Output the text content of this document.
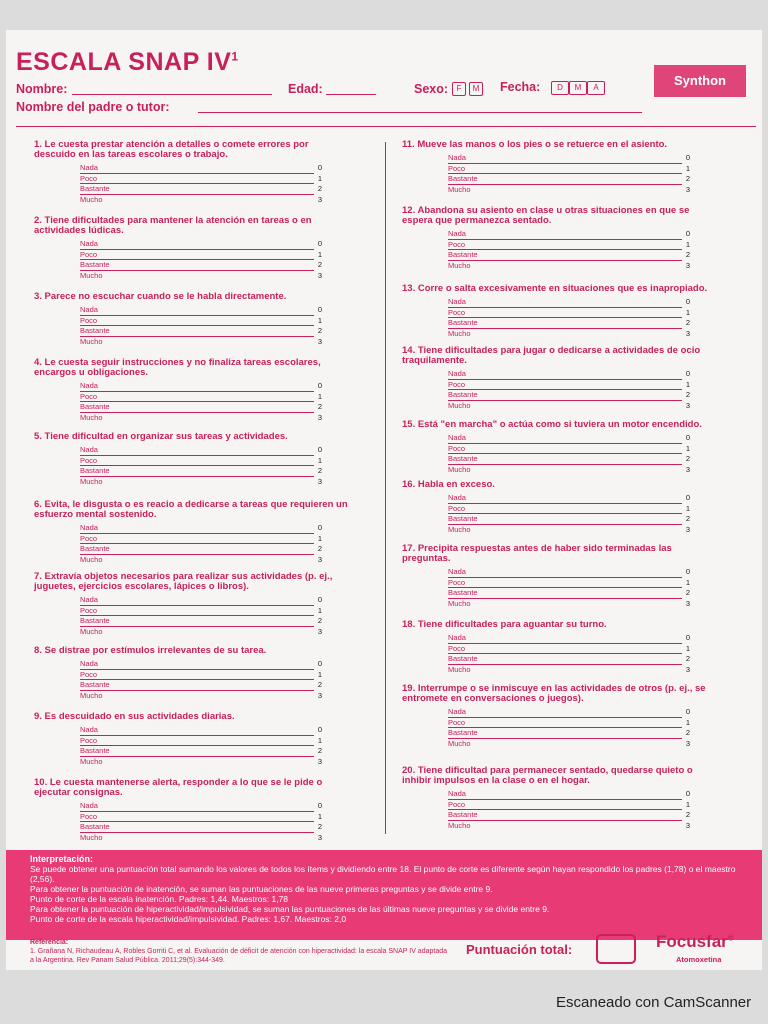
ESCALA SNAP $IV^1$
Nombre:	Edad:	Sexo:	F	M Fecha:	D	M	A
Nombre del padre o tutor:
Synthon
1. Le cuesta prestar atención a detalles o comete errores por descuido en las tareas escolares o trabajo.
Nada	0
Poco	1
Bastante	2
Mucho	3
2. Tiene dificultades para mantener la atención en tareas o en actividades lúdicas.
Nada	0
Poco	1
Bastante	2
Mucho	3
3. Parece no escuchar cuando se le habla directamente.
Nada	0
Poco	1
Bastante	2
Mucho	3
4. Le cuesta seguir instrucciones y no finaliza tareas escolares, encargos u obligaciones.
Nada	0
Poco	1
Bastante	2
Mucho	3
5. Tiene dificultad en organizar sus tareas y actividades.
Nada	0
Poco	1
Bastante	2
Mucho	3
6. Evita, le disgusta o es reacio a dedicarse a tareas que requieren un esfuerzo mental sostenido.
Nada	0
Poco	1
Bastante	2
Mucho	3
7. Extravía objetos necesarios para realizar sus actividades (p. ej., juguetes, ejercicios escolares, lápices o libros).
Nada	0
Poco	1
Bastante	2
Mucho	3
8. Se distrae por estímulos irrelevantes de su tarea.
Nada	0
Poco	1
Bastante	2
Mucho	3
9. Es descuidado en sus actividades diarias.
Nada	0
Poco	1
Bastante	2
Mucho	3
10. Le cuesta mantenerse alerta, responder a lo que se le pide o ejecutar consignas.
Nada	0
Poco	1
Bastante	2
Mucho	3
11. Mueve las manos o los pies o se retuerce en el asiento.
Nada	0
Poco	1
Bastante	2
Mucho	3
12. Abandona su asiento en clase u otras situaciones en que se espera que permanezca sentado.
Nada	0
Poco	1
Bastante	2
Mucho	3
13. Corre o salta excesivamente en situaciones que es inapropiado.
Nada	0
Poco	1
Bastante	2
Mucho	3
14. Tiene dificultades para jugar o dedicarse a actividades de ocio traquilamente.
Nada	0
Poco	1
Bastante	2
Mucho	3
15. Está "en marcha" o actúa como si tuviera un motor encendido.
Nada	0
Poco	1
Bastante	2
Mucho	3
16. Habla en exceso.
Nada	0
Poco	1
Bastante	2
Mucho	3
17. Precipita respuestas antes de haber sido terminadas las preguntas.
Nada	0
Poco	1
Bastante	2
Mucho	3
18. Tiene dificultades para aguantar su turno.
Nada	0
Poco	1
Bastante	2
Mucho	3
19. Interrumpe o se inmiscuye en las actividades de otros (p. ej., se entromete en conversaciones o juegos).
Nada	0
Poco	1
Bastante	2
Mucho	3
20. Tiene dificultad para permanecer sentado, quedarse quieto o inhibir impulsos en la clase o en el hogar.
Nada	0
Poco	1
Bastante	2
Mucho	3
Interpretación:
Se puede obtener una puntuación total sumando los valores de todos los ítems y dividiendo entre 18. El punto de corte es diferente según hayan respondido los padres (1,78) o el maestro (2,56).
Para obtener la puntuación de inatención, se suman las puntuaciones de las nueve primeras preguntas y se divide entre 9.
Punto de corte de la escala inatención. Padres: 1,44. Maestros: 1,78
Para obtener la puntuación de hiperactividad/impulsividad, se suman las puntuaciones de las últimas nueve preguntas y se divide entre 9.
Punto de corte de la escala hiperactividad/impulsividad. Padres: 1,67. Maestros: 2,0
Referencia:
1. Grañana N, Richaudeau A, Robles Gorriti C, et al. Evaluación de déficit de atención con hiperactividad: la escala SNAP IV adaptada a la Argentina. Rev Panam Salud Pública. 2011;29(5):344-349.
Puntuación total:	Focusfar®
Atomoxetina
Escaneado con CamScanner
